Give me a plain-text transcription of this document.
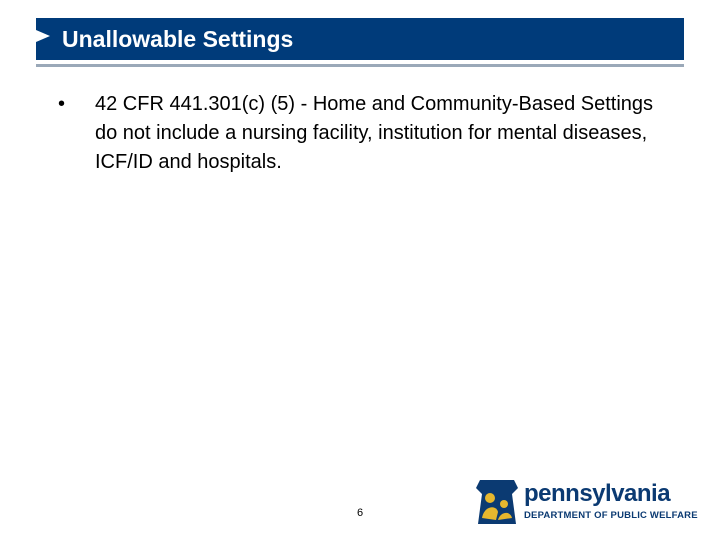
Unallowable Settings
• 42 CFR 441.301(c) (5) - Home and Community-Based Settings do not include a nursing facility, institution for mental diseases, ICF/ID and hospitals.
6
pennsylvania
DEPARTMENT OF PUBLIC WELFARE
